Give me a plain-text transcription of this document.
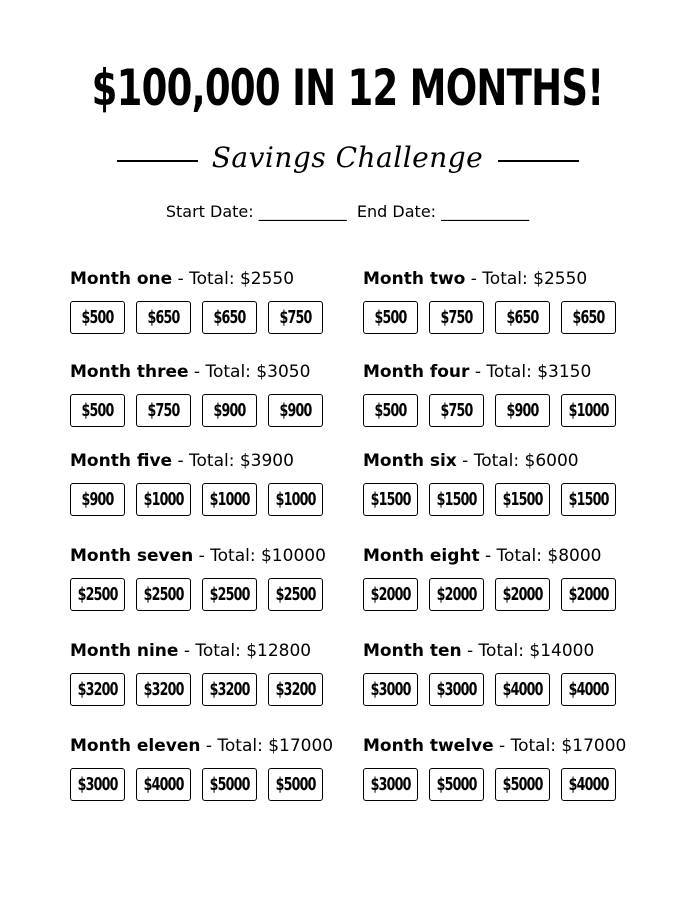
$100,000 IN 12 MONTHS!
Savings Challenge
Start Date: ___________  End Date: ___________
Month one - Total: $2550
$500 $650 $650 $750
Month two - Total: $2550
$500 $750 $650 $650
Month three - Total: $3050
$500 $750 $900 $900
Month four - Total: $3150
$500 $750 $900 $1000
Month five - Total: $3900
$900 $1000 $1000 $1000
Month six - Total: $6000
$1500 $1500 $1500 $1500
Month seven - Total: $10000
$2500 $2500 $2500 $2500
Month eight - Total: $8000
$2000 $2000 $2000 $2000
Month nine - Total: $12800
$3200 $3200 $3200 $3200
Month ten - Total: $14000
$3000 $3000 $4000 $4000
Month eleven - Total: $17000
$3000 $4000 $5000 $5000
Month twelve - Total: $17000
$3000 $5000 $5000 $4000
